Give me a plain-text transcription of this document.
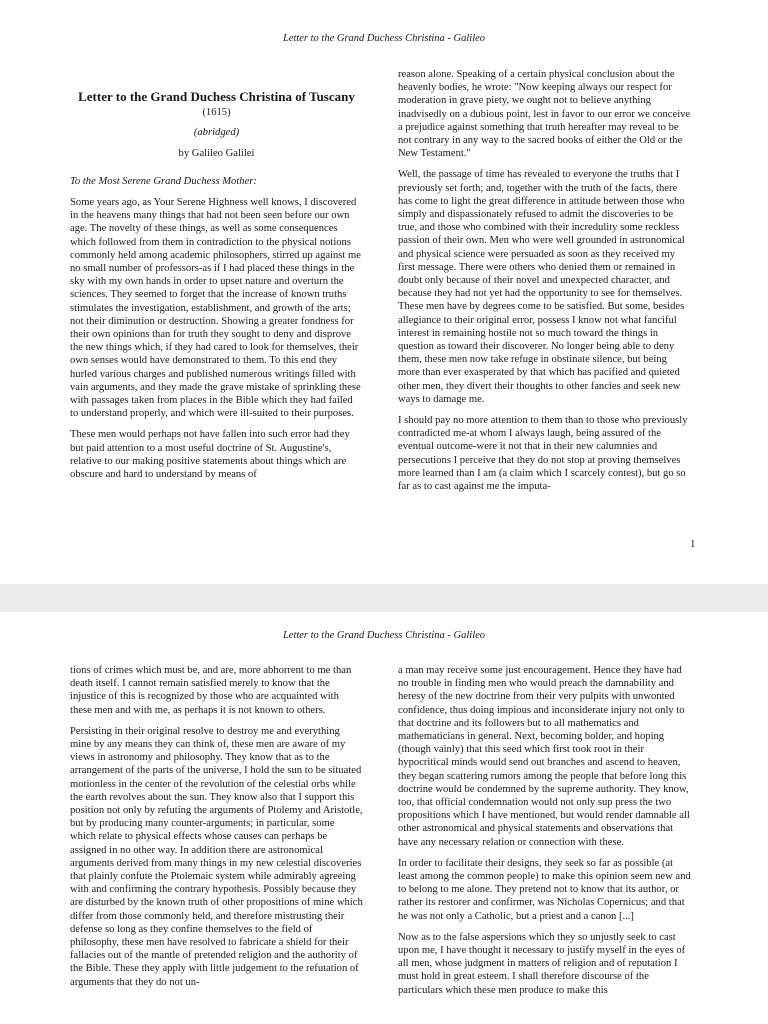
Letter to the Grand Duchess Christina - Galileo
Letter to the Grand Duchess Christina of Tuscany
(1615)
(abridged)
by Galileo Galilei
To the Most Serene Grand Duchess Mother:

Some years ago, as Your Serene Highness well knows, I discovered in the heavens many things that had not been seen before our own age. The novelty of these things, as well as some consequences which followed from them in contradiction to the physical notions commonly held among academic philosophers, stirred up against me no small number of professors-as if I had placed these things in the sky with my own hands in order to upset nature and overturn the sciences. They seemed to forget that the increase of known truths stimulates the investigation, establishment, and growth of the arts; not their diminution or destruction. Showing a greater fondness for their own opinions than for truth they sought to deny and disprove the new things which, if they had cared to look for themselves, their own senses would have demonstrated to them. To this end they hurled various charges and published numerous writings filled with vain arguments, and they made the grave mistake of sprinkling these with passages taken from places in the Bible which they had failed to understand properly, and which were ill-suited to their purposes.

These men would perhaps not have fallen into such error had they but paid attention to a most useful doctrine of St. Augustine's, relative to our making positive statements about things which are obscure and hard to understand by means of

reason alone. Speaking of a certain physical conclusion about the heavenly bodies, he wrote: "Now keeping always our respect for moderation in grave piety, we ought not to believe anything inadvisedly on a dubious point, lest in favor to our error we conceive a prejudice against something that truth hereafter may reveal to be not contrary in any way to the sacred books of either the Old or the New Testament."

Well, the passage of time has revealed to everyone the truths that I previously set forth; and, together with the truth of the facts, there has come to light the great difference in attitude between those who simply and dispassionately refused to admit the discoveries to be true, and those who combined with their incredulity some reckless passion of their own. Men who were well grounded in astronomical and physical science were persuaded as soon as they received my first message. There were others who denied them or remained in doubt only because of their novel and unexpected character, and because they had not yet had the opportunity to see for themselves. These men have by degrees come to be satisfied. But some, besides allegiance to their original error, possess I know not what fanciful interest in remaining hostile not so much toward the things in question as toward their discoverer. No longer being able to deny them, these men now take refuge in obstinate silence, but being more than ever exasperated by that which has pacified and quieted other men, they divert their thoughts to other fancies and seek new ways to damage me.

I should pay no more attention to them than to those who previously contradicted me-at whom I always laugh, being assured of the eventual outcome-were it not that in their new calumnies and persecutions I perceive that they do not stop at proving themselves more learned than I am (a claim which I scarcely contest), but go so far as to cast against me the imputa-

1
Letter to the Grand Duchess Christina - Galileo

tions of crimes which must be, and are, more abhorrent to me than death itself. I cannot remain satisfied merely to know that the injustice of this is recognized by those who are acquainted with these men and with me, as perhaps it is not known to others.

Persisting in their original resolve to destroy me and everything mine by any means they can think of, these men are aware of my views in astronomy and philosophy. They know that as to the arrangement of the parts of the universe, I hold the sun to be situated motionless in the center of the revolution of the celestial orbs while the earth revolves about the sun. They know also that I support this position not only by refuting the arguments of Ptolemy and Aristotle, but by producing many counter-arguments; in particular, some which relate to physical effects whose causes can perhaps be assigned in no other way. In addition there are astronomical arguments derived from many things in my new celestial discoveries that plainly confute the Ptolemaic system while admirably agreeing with and confirming the contrary hypothesis. Possibly because they are disturbed by the known truth of other propositions of mine which differ from those commonly held, and therefore mistrusting their defense so long as they confine themselves to the field of philosophy, these men have resolved to fabricate a shield for their fallacies out of the mantle of pretended religion and the authority of the Bible. These they apply with little judgement to the refutation of arguments that they do not un-

a man may receive some just encouragement. Hence they have had no trouble in finding men who would preach the damnability and heresy of the new doctrine from their very pulpits with unwonted confidence, thus doing impious and inconsiderate injury not only to that doctrine and its followers but to all mathematics and mathematicians in general. Next, becoming bolder, and hoping (though vainly) that this seed which first took root in their hypocritical minds would send out branches and ascend to heaven, they began scattering rumors among the people that before long this doctrine would be condemned by the supreme authority. They know, too, that official condemnation would not only sup press the two propositions which I have mentioned, but would render damnable all other astronomical and physical statements and observations that have any necessary relation or connection with these.

In order to facilitate their designs, they seek so far as possible (at least among the common people) to make this opinion seem new and to belong to me alone. They pretend not to know that its author, or rather its restorer and confirmer, was Nicholas Copernicus; and that he was not only a Catholic, but a priest and a canon [...]

Now as to the false aspersions which they so unjustly seek to cast upon me, I have thought it necessary to justify myself in the eyes of all men, whose judgment in matters of religion and of reputation I must hold in great esteem. I shall therefore discourse of the particulars which these men produce to make this
